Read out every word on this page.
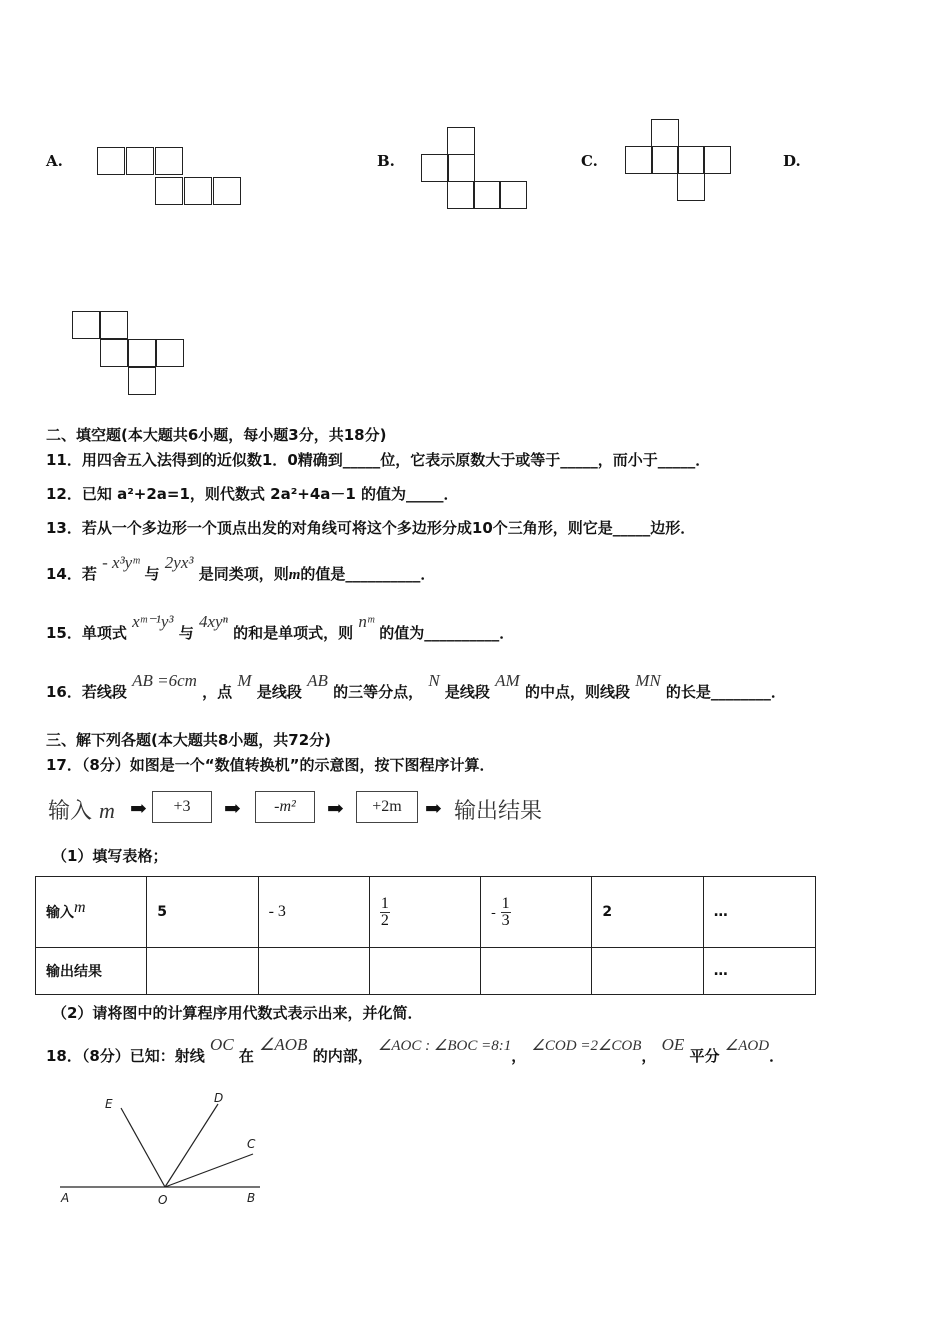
A.	B.	C.	D.
二、填空题(本大题共6小题，每小题3分，共18分)
11．用四舍五入法得到的近似数1．0精确到_____位，它表示原数大于或等于_____，而小于_____．
12．已知 a²+2a=1，则代数式 2a²+4a－1 的值为_____．
13．若从一个多边形一个顶点出发的对角线可将这个多边形分成10个三角形，则它是_____边形．
14．若 - x³yᵐ 与 2yx³ 是同类项，则m的值是__________．
15．单项式 xᵐ⁻¹y³ 与 4xyⁿ 的和是单项式，则 nᵐ 的值为__________．
16．若线段 AB =6cm ，点 M 是线段 AB 的三等分点， N 是线段 AM 的中点，则线段 MN 的长是________．
三、解下列各题(本大题共8小题，共72分)
17．（8分）如图是一个“数值转换机”的示意图，按下图程序计算．
输入 m ➡	+3	➡	-m²	➡	+2m	➡ 输出结果
（1）填写表格；
输入m	5	- 3	$\frac{1}{2}$	- $\frac{1}{3}$	2	…
输出结果						…
（2）请将图中的计算程序用代数式表示出来，并化简．
18．（8分）已知：射线 OC 在 ∠AOB 的内部， ∠AOC : ∠BOC =8:1， ∠COD =2∠COB， OE 平分 ∠AOD．
E	D
C
A	O	B
